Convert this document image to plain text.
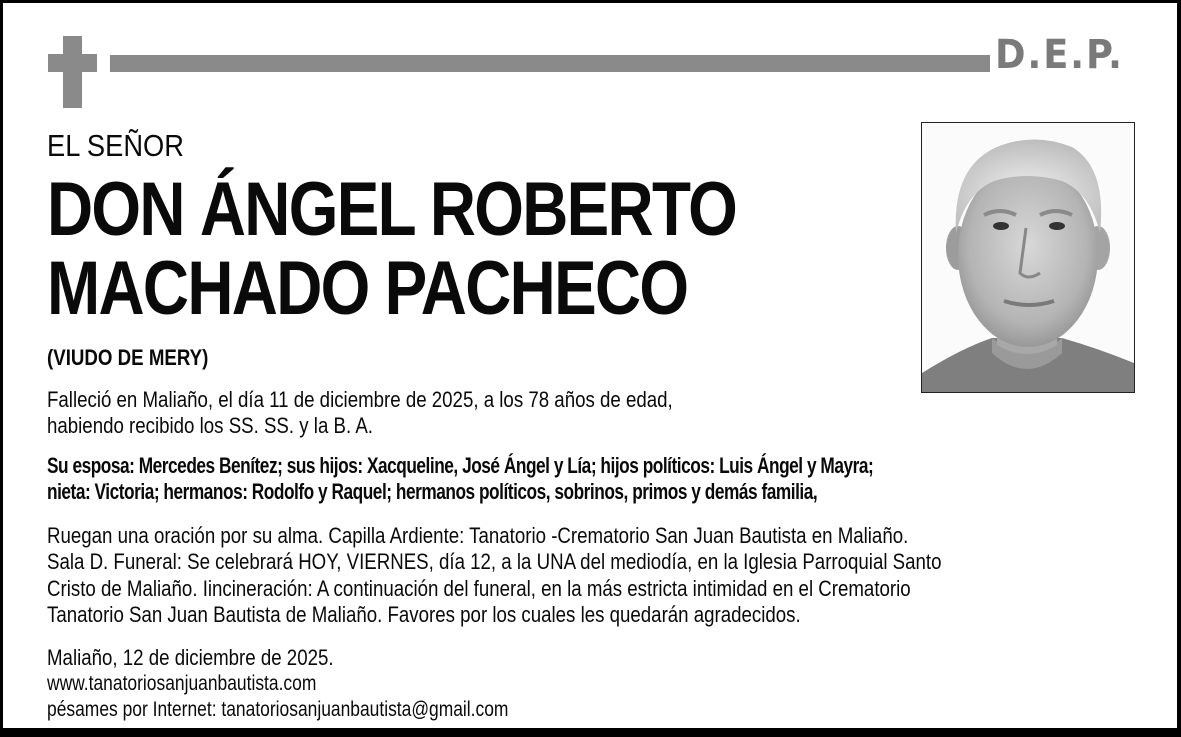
D.E.P.
EL SEÑOR
DON ÁNGEL ROBERTO
MACHADO PACHECO
(VIUDO DE MERY)
Falleció en Maliaño, el día 11 de diciembre de 2025, a los 78 años de edad,
habiendo recibido los SS. SS. y la B. A.
Su esposa: Mercedes Benítez; sus hijos: Xacqueline, José Ángel y Lía; hijos políticos: Luis Ángel y Mayra;
nieta: Victoria; hermanos: Rodolfo y Raquel; hermanos políticos, sobrinos, primos y demás familia,
Ruegan una oración por su alma. Capilla Ardiente: Tanatorio -Crematorio San Juan Bautista en Maliaño.
Sala D. Funeral: Se celebrará HOY, VIERNES, día 12, a la UNA del mediodía, en la Iglesia Parroquial Santo
Cristo de Maliaño. Iincineración: A continuación del funeral, en la más estricta intimidad en el Crematorio
Tanatorio San Juan Bautista de Maliaño. Favores por los cuales les quedarán agradecidos.
Maliaño, 12 de diciembre de 2025.
www.tanatoriosanjuanbautista.com
pésames por Internet: tanatoriosanjuanbautista@gmail.com
